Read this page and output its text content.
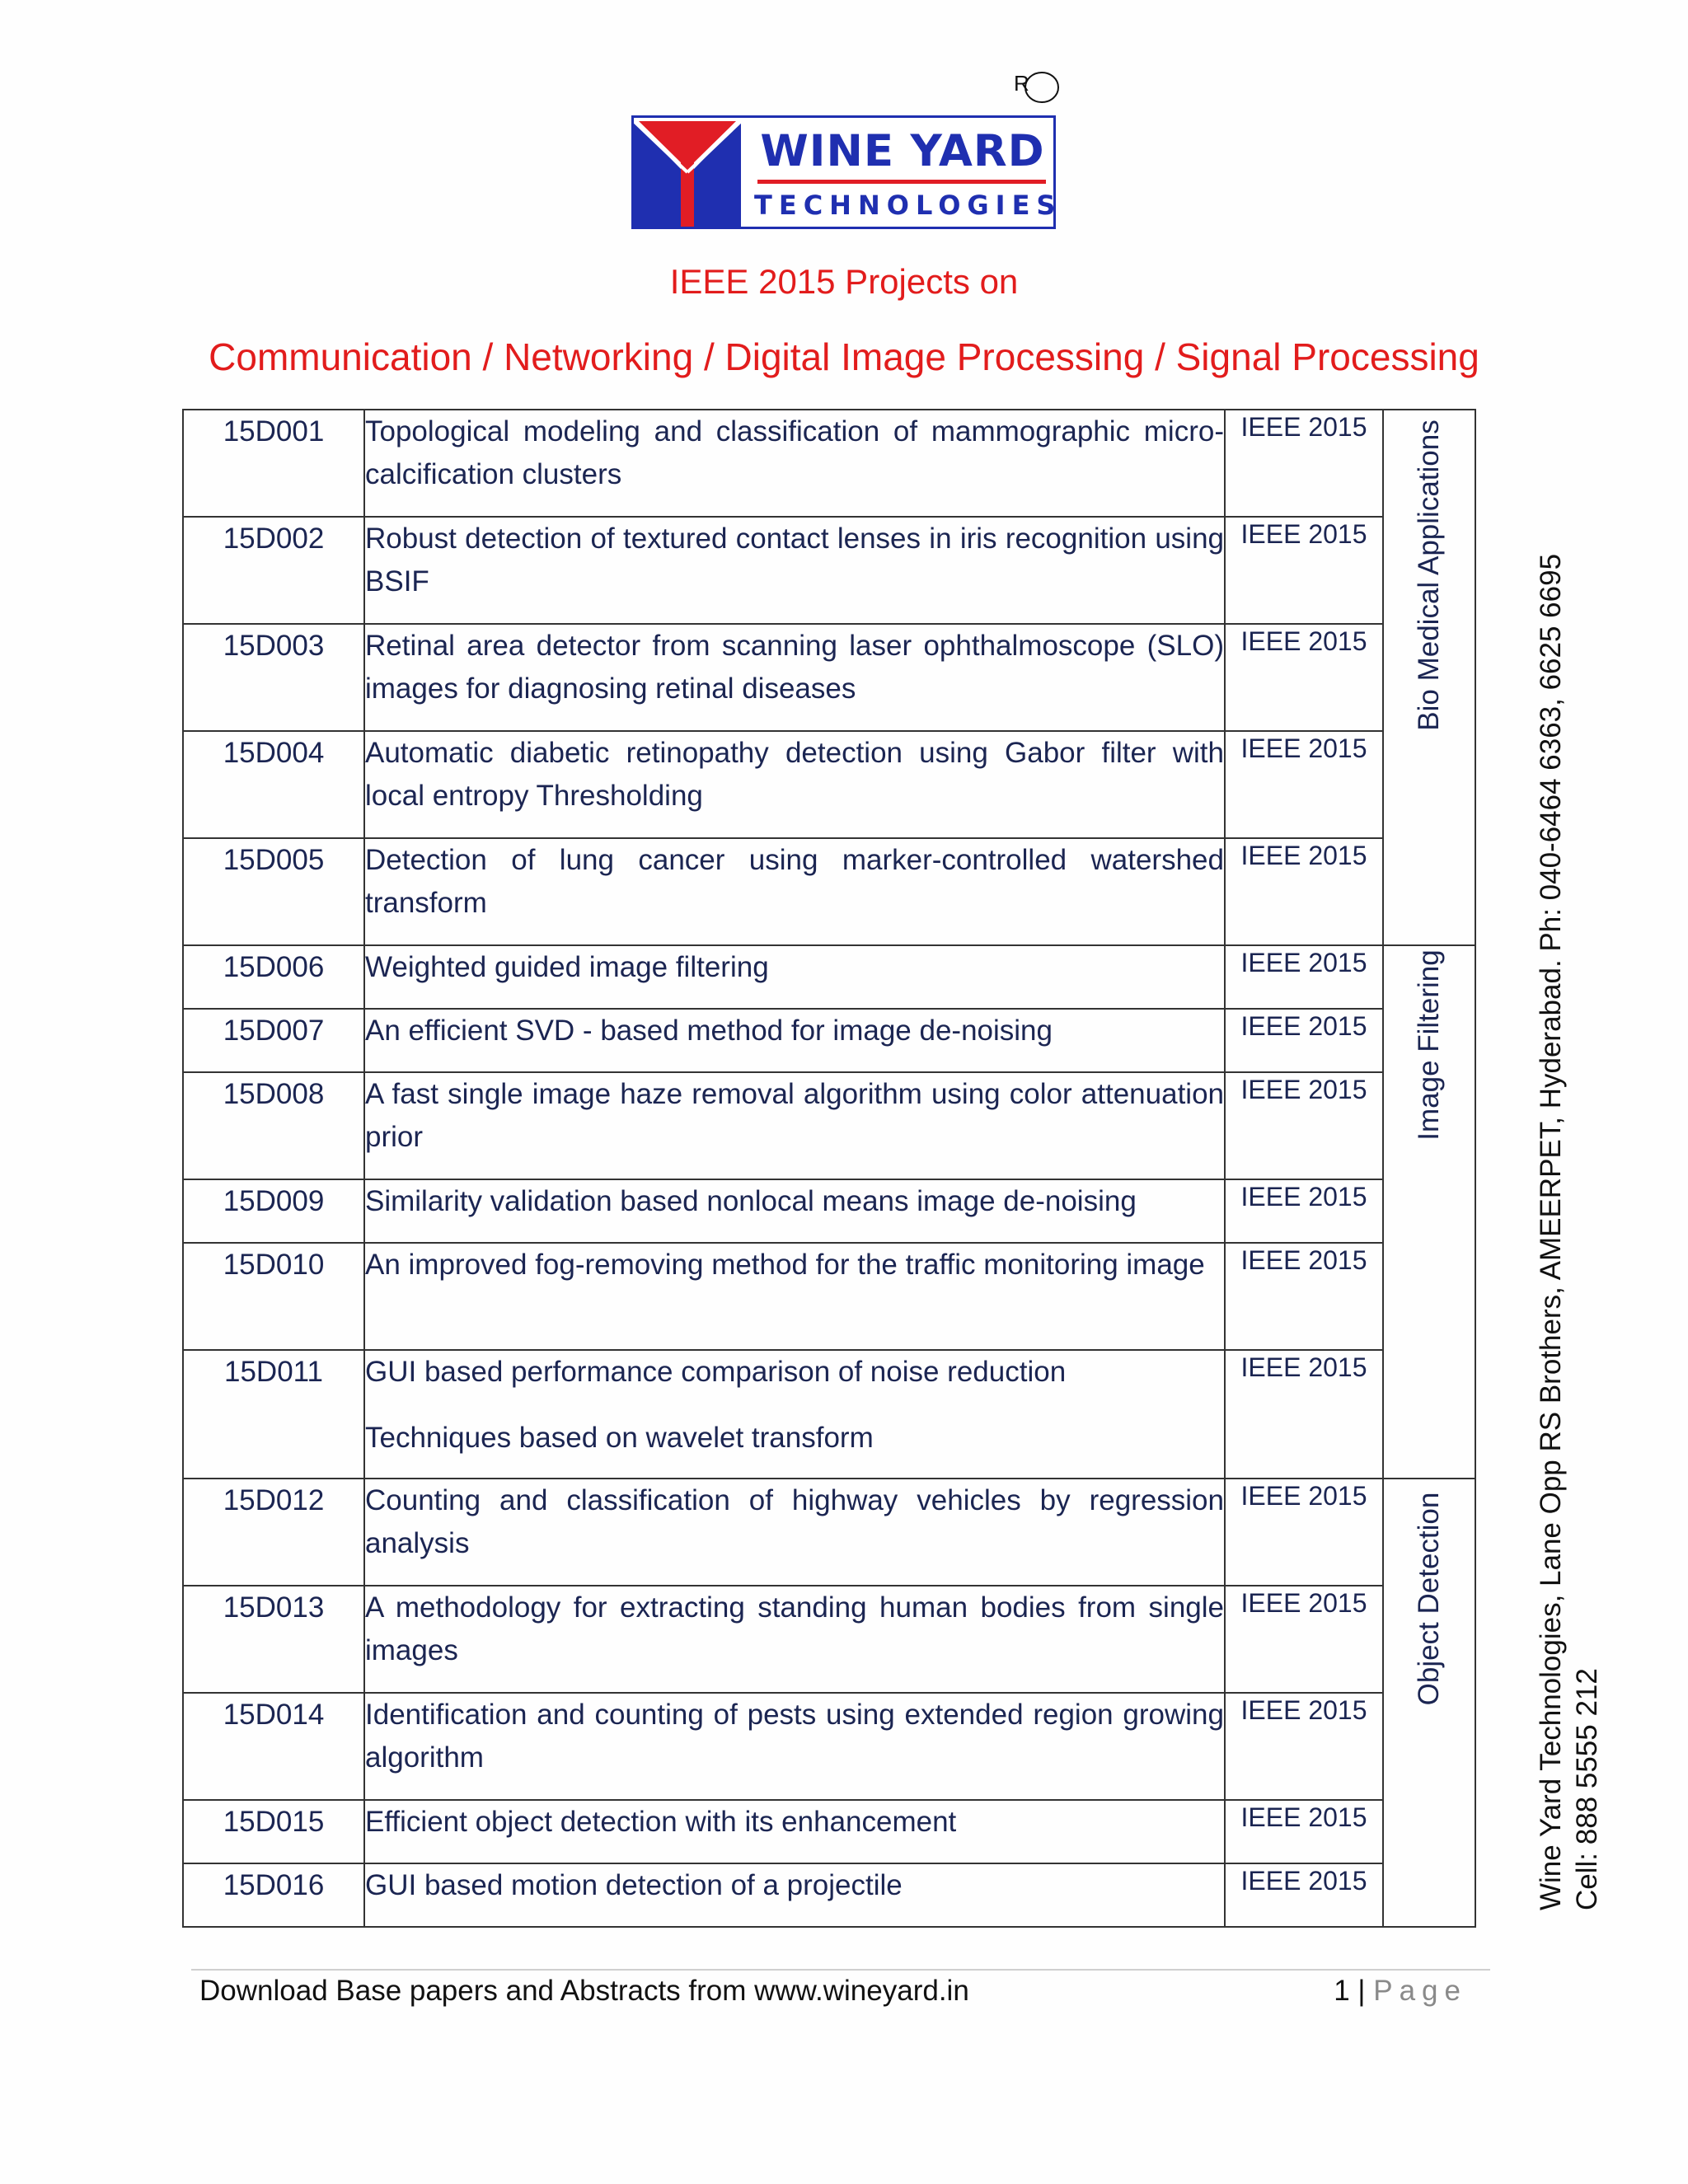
R
WINE YARD
TECHNOLOGIES
IEEE 2015 Projects on
Communication / Networking / Digital Image Processing / Signal Processing
15D001	Topological modeling and classification of mammographic micro-calcification clusters	IEEE 2015	Bio Medical Applications

15D002	Robust detection of textured contact lenses in iris recognition using BSIF	IEEE 2015	
15D003	Retinal area detector from scanning laser ophthalmoscope (SLO) images for diagnosing retinal diseases	IEEE 2015	
15D004	Automatic diabetic retinopathy detection using Gabor filter with local entropy Thresholding	IEEE 2015	
15D005	Detection of lung cancer using marker-controlled watershed transform	IEEE 2015	
15D006	Weighted guided image filtering	IEEE 2015	Image Filtering

15D007	An efficient SVD - based method for image de-noising	IEEE 2015	
15D008	A fast single image haze removal algorithm using color attenuation prior	IEEE 2015	
15D009	Similarity validation based nonlocal means image de-noising	IEEE 2015	
15D010	An improved fog-removing method for the traffic monitoring image	IEEE 2015	
15D011	GUI based performance comparison of noise reduction
Techniques based on wavelet transform	IEEE 2015	
15D012	Counting and classification of highway vehicles by regression analysis	IEEE 2015	Object Detection

15D013	A methodology for extracting standing human bodies from single images	IEEE 2015	
15D014	Identification and counting of pests using extended region growing algorithm	IEEE 2015	
15D015	Efficient object detection with its enhancement	IEEE 2015	
15D016	GUI based motion detection of a projectile	IEEE 2015		Wine Yard Technologies, Lane Opp RS Brothers, AMEERPET, Hyderabad. Ph: 040-6464 6363, 6625 6695 Cell: 888 5555 212
Download Base papers and Abstracts from www.wineyard.in	1 | Page
